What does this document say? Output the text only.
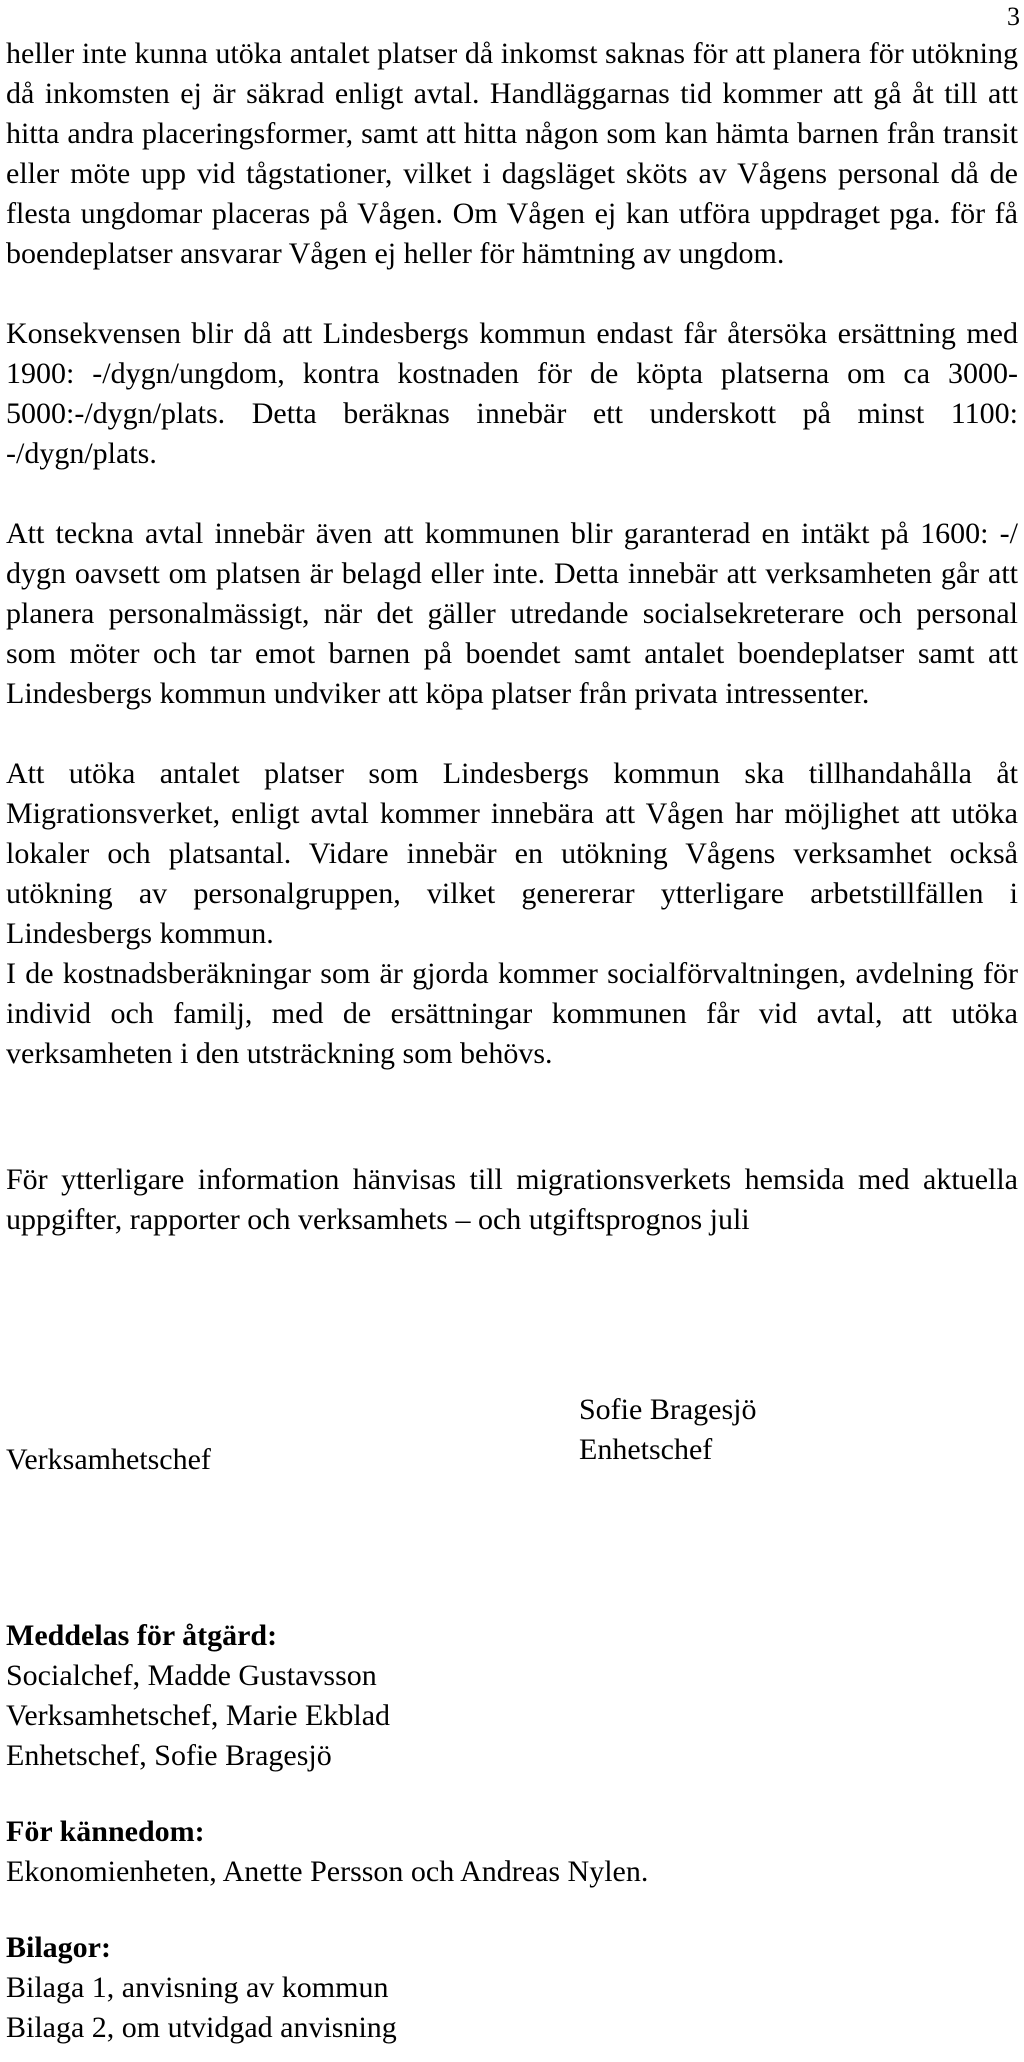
3

heller inte kunna utöka antalet platser då inkomst saknas för att planera för utökning då inkomsten ej är säkrad enligt avtal. Handläggarnas tid kommer att gå åt till att hitta andra placeringsformer, samt att hitta någon som kan hämta barnen från transit eller möte upp vid tågstationer, vilket i dagsläget sköts av Vågens personal då de flesta ungdomar placeras på Vågen. Om Vågen ej kan utföra uppdraget pga. för få boendeplatser ansvarar Vågen ej heller för hämtning av ungdom.

Konsekvensen blir då att Lindesbergs kommun endast får återsöka ersättning med 1900: -/dygn/ungdom, kontra kostnaden för de köpta platserna om ca 3000-5000:-/dygn/plats. Detta beräknas innebär ett underskott på minst 1100: -/dygn/plats.

Att teckna avtal innebär även att kommunen blir garanterad en intäkt på 1600: -/ dygn oavsett om platsen är belagd eller inte. Detta innebär att verksamheten går att planera personalmässigt, när det gäller utredande socialsekreterare och personal som möter och tar emot barnen på boendet samt antalet boendeplatser samt att Lindesbergs kommun undviker att köpa platser från privata intressenter.

Att utöka antalet platser som Lindesbergs kommun ska tillhandahålla åt Migrationsverket, enligt avtal kommer innebära att Vågen har möjlighet att utöka lokaler och platsantal. Vidare innebär en utökning Vågens verksamhet också utökning av personalgruppen, vilket genererar ytterligare arbetstillfällen i Lindesbergs kommun.

I de kostnadsberäkningar som är gjorda kommer socialförvaltningen, avdelning för individ och familj, med de ersättningar kommunen får vid avtal, att utöka verksamheten i den utsträckning som behövs.

För ytterligare information hänvisas till migrationsverkets hemsida med aktuella uppgifter, rapporter och verksamhets – och utgiftsprognos juli

Verksamhetschef
Sofie Bragesjö
Enhetschef

Meddelas för åtgärd:

Socialchef, Madde Gustavsson

Verksamhetschef, Marie Ekblad

Enhetschef, Sofie Bragesjö

För kännedom:

Ekonomienheten, Anette Persson och Andreas Nylen.

Bilagor:

Bilaga 1, anvisning av kommun

Bilaga 2, om utvidgad anvisning
